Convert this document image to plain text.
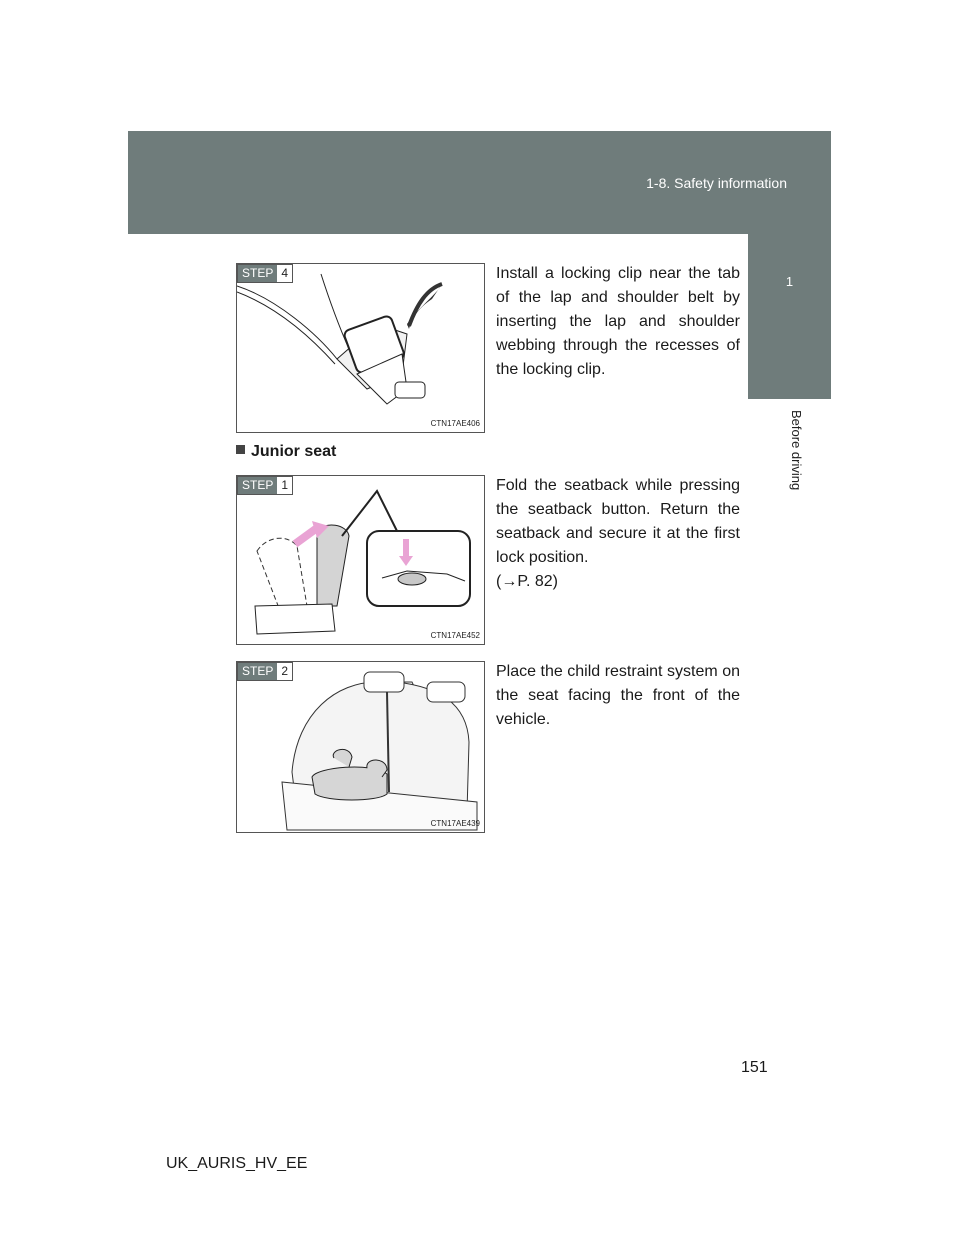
1-8. Safety information
1
Before driving
STEP 4
CTN17AE406
Install a locking clip near the tab of the lap and shoulder belt by inserting the lap and shoulder webbing through the recesses of the locking clip.
Junior seat
STEP 1
CTN17AE452
Fold the seatback while pressing the seatback button. Return the seatback and secure it at the first lock position.
(→P. 82)
STEP 2
CTN17AE439
Place the child restraint system on the seat facing the front of the vehicle.
151
UK_AURIS_HV_EE
